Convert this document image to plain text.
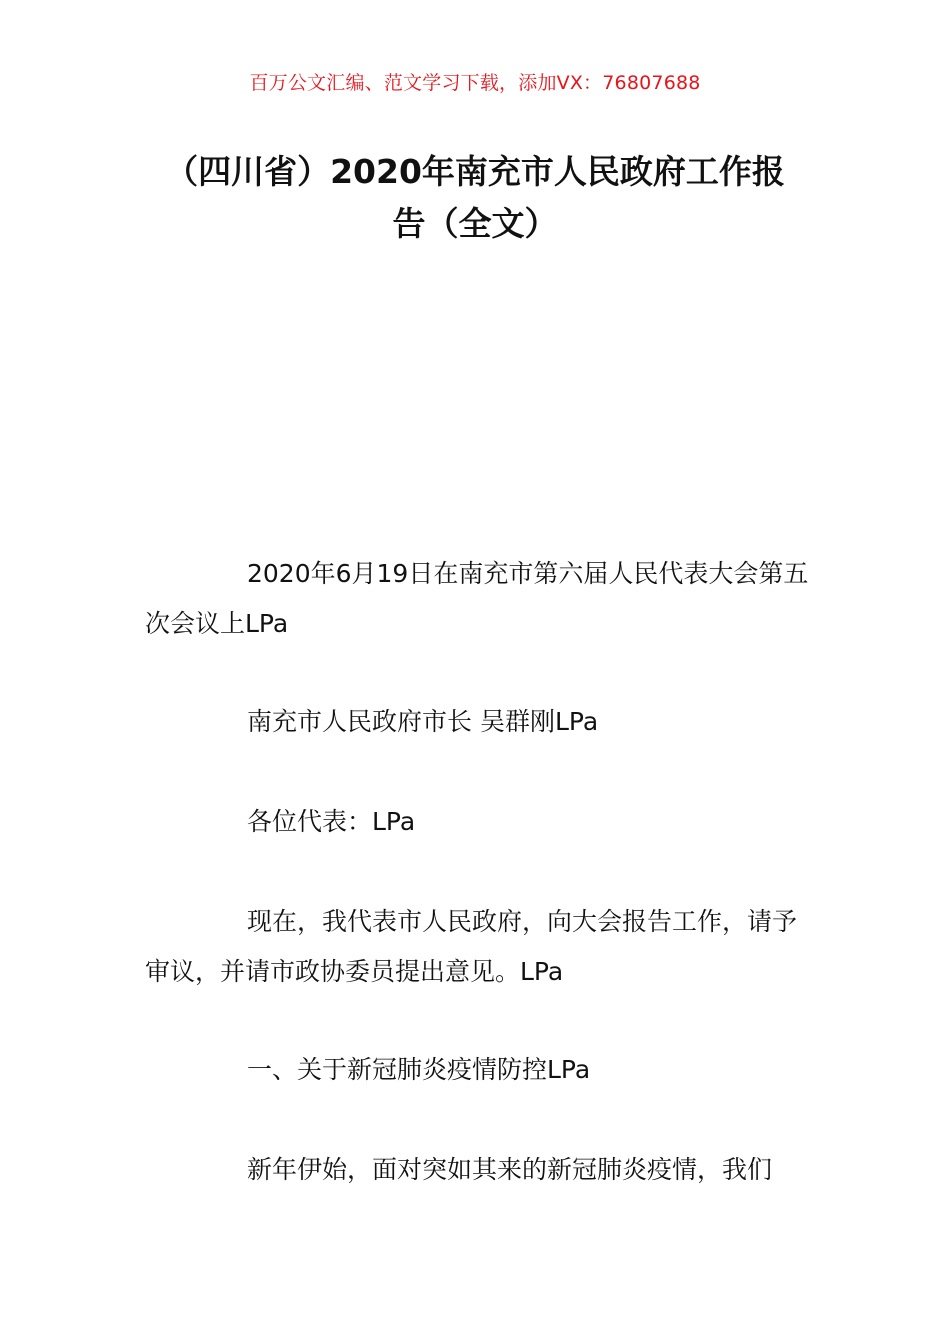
百万公文汇编、范文学习下载，添加VX：76807688
（四川省）2020年南充市人民政府工作报
告（全文）

2020年6月19日在南充市第六届人民代表大会第五次会议上LPa

南充市人民政府市长 吴群刚LPa

各位代表：LPa

现在，我代表市人民政府，向大会报告工作，请予审议，并请市政协委员提出意见。LPa

一、关于新冠肺炎疫情防控LPa

新年伊始，面对突如其来的新冠肺炎疫情，我们
